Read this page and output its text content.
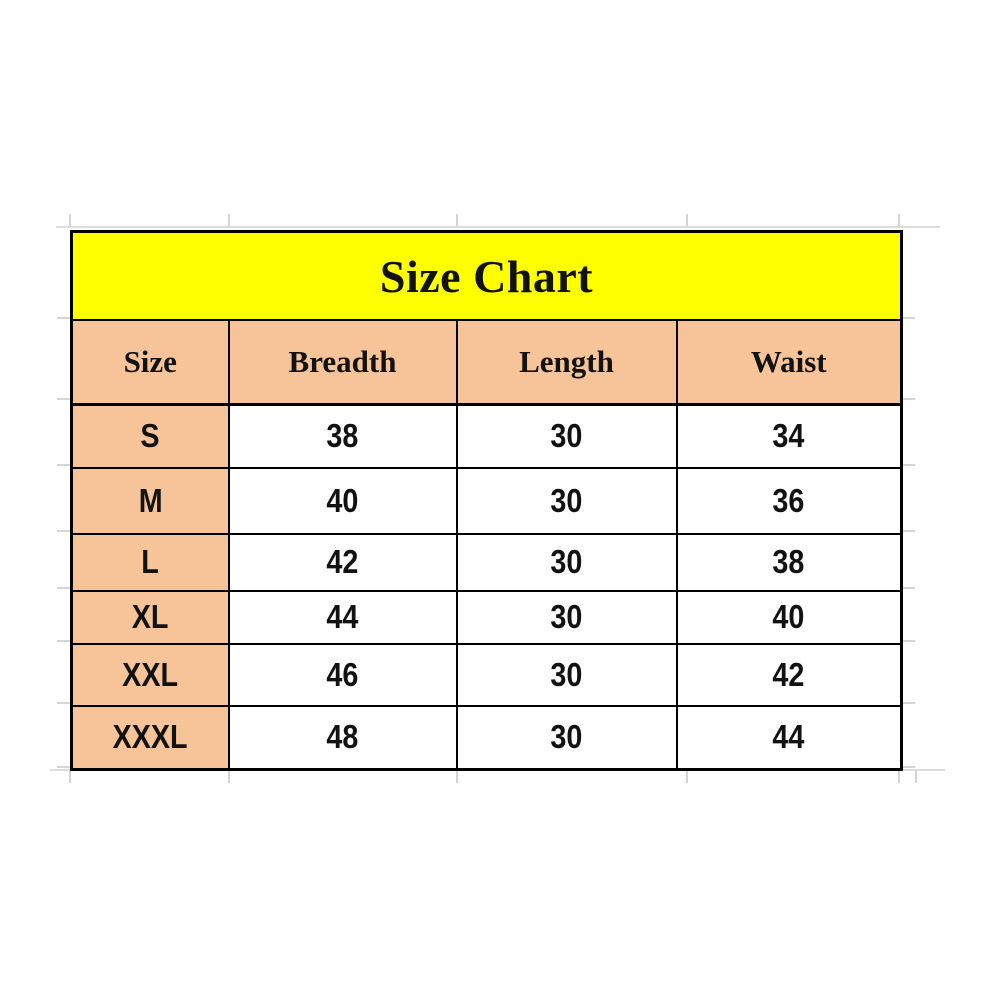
Size Chart			
Size	Breadth	Length	Waist
S	38	30	34
M	40	30	36
L	42	30	38
XL	44	30	40
XXL	46	30	42
XXXL	48	30	44
